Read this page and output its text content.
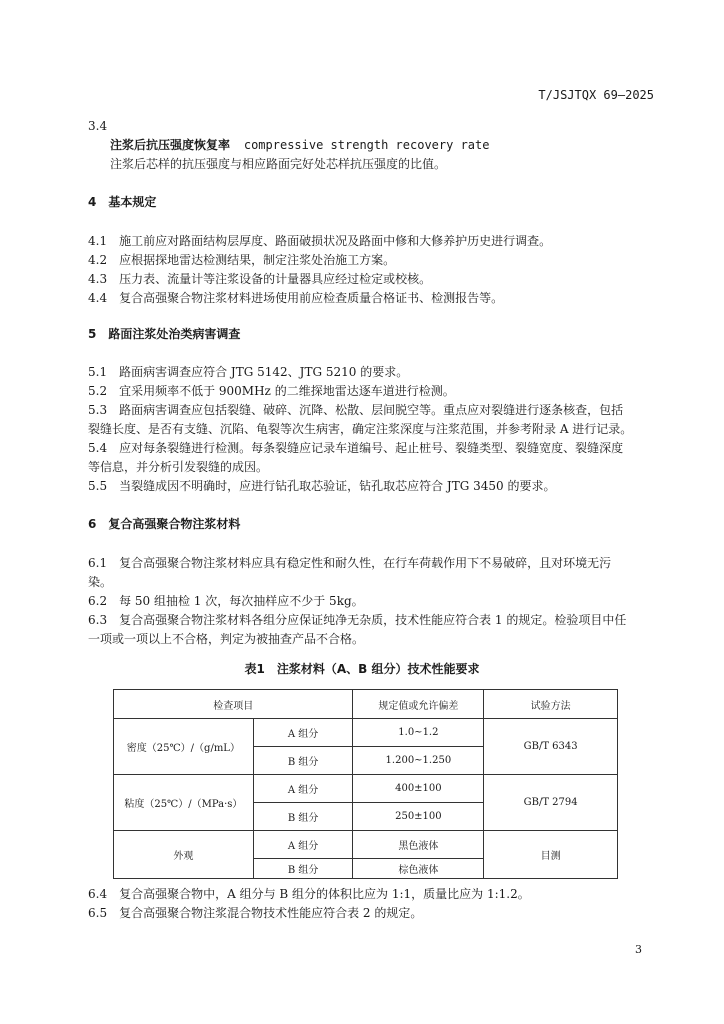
T/JSJTQX 69—2025
3.4
注浆后抗压强度恢复率 compressive strength recovery rate
注浆后芯样的抗压强度与相应路面完好处芯样抗压强度的比值。
4　基本规定
4.1　施工前应对路面结构层厚度、路面破损状况及路面中修和大修养护历史进行调查。
4.2　应根据探地雷达检测结果，制定注浆处治施工方案。
4.3　压力表、流量计等注浆设备的计量器具应经过检定或校核。
4.4　复合高强聚合物注浆材料进场使用前应检查质量合格证书、检测报告等。
5　路面注浆处治类病害调查
5.1　路面病害调查应符合 JTG 5142、JTG 5210 的要求。
5.2　宜采用频率不低于 900MHz 的二维探地雷达逐车道进行检测。
5.3　路面病害调查应包括裂缝、破碎、沉降、松散、层间脱空等。重点应对裂缝进行逐条核查，包括
裂缝长度、是否有支缝、沉陷、龟裂等次生病害，确定注浆深度与注浆范围，并参考附录 A 进行记录。
5.4　应对每条裂缝进行检测。每条裂缝应记录车道编号、起止桩号、裂缝类型、裂缝宽度、裂缝深度
等信息，并分析引发裂缝的成因。
5.5　当裂缝成因不明确时，应进行钻孔取芯验证，钻孔取芯应符合 JTG 3450 的要求。
6　复合高强聚合物注浆材料
6.1　复合高强聚合物注浆材料应具有稳定性和耐久性，在行车荷载作用下不易破碎，且对环境无污
染。
6.2　每 50 组抽检 1 次，每次抽样应不少于 5kg。
6.3　复合高强聚合物注浆材料各组分应保证纯净无杂质，技术性能应符合表 1 的规定。检验项目中任
一项或一项以上不合格，判定为被抽查产品不合格。
表1　注浆材料（A、B 组分）技术性能要求
检查项目		规定值或允许偏差	试验方法
密度（25℃）/（g/mL）	A 组分	1.0~1.2	GB/T 6343
	B 组分	1.200~1.250	
粘度（25℃）/（MPa·s）	A 组分	400±100	GB/T 2794
	B 组分	250±100	
外观	A 组分	黑色液体	目测
	B 组分	棕色液体	
6.4　复合高强聚合物中，A 组分与 B 组分的体积比应为 1:1，质量比应为 1:1.2。
6.5　复合高强聚合物注浆混合物技术性能应符合表 2 的规定。
3
